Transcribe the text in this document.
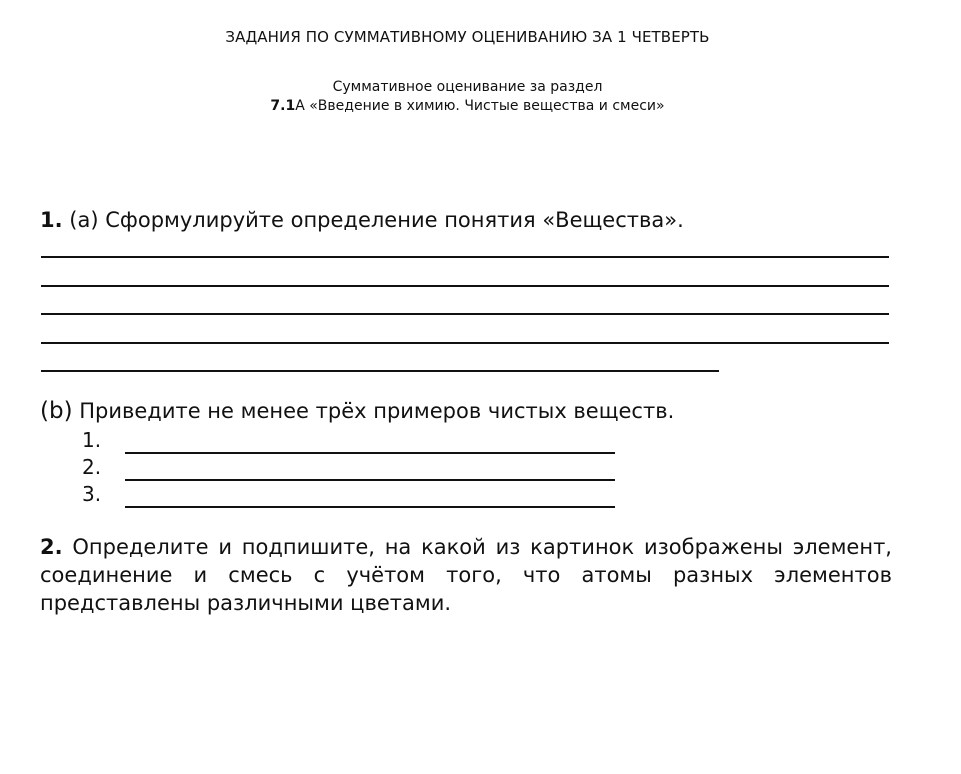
ЗАДАНИЯ ПО СУММАТИВНОМУ ОЦЕНИВАНИЮ ЗА 1 ЧЕТВЕРТЬ
Суммативное оценивание за раздел
7.1А «Введение в химию. Чистые вещества и смеси»
1. (a) Сформулируйте определение понятия «Вещества».
(b) Приведите не менее трёх примеров чистых веществ.
1.
2.
3.
2. Определите и подпишите, на какой из картинок изображены элемент, соединение и смесь с учётом того, что атомы разных элементов представлены различными цветами.
